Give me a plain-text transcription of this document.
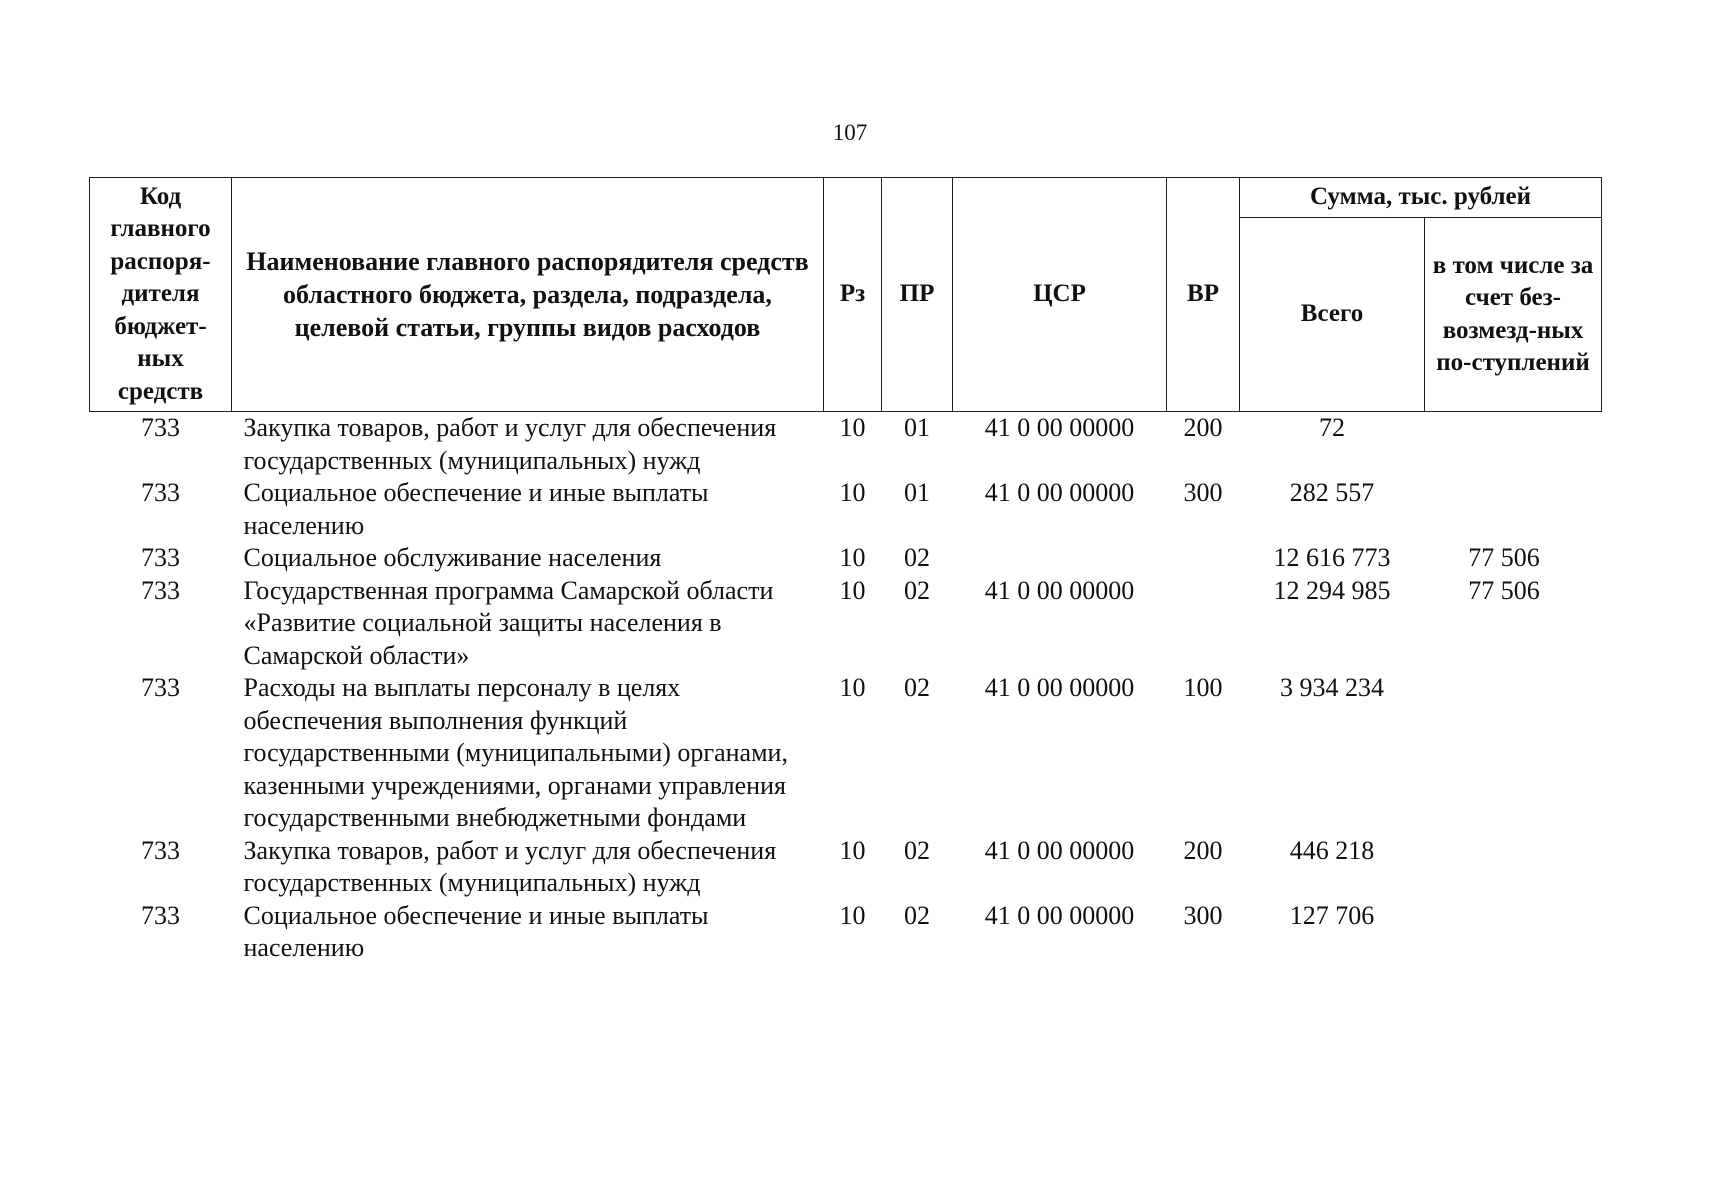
107
Код главного распоря-дителя бюджет-ных средств	Наименование главного распорядителя средств областного бюджета, раздела, подраздела, целевой статьи, группы видов расходов	Рз	ПР	ЦСР	ВР	Сумма, тыс. рублей	
						Всего	в том числе за счет без-возмезд-ных по-ступлений
733	Закупка товаров, работ и услуг для обеспечения государственных (муниципальных) нужд	10	01	41 0 00 00000	200	72	
733	Социальное обеспечение и иные выплаты населению	10	01	41 0 00 00000	300	282 557	
733	Социальное обслуживание населения	10	02			12 616 773	77 506
733	Государственная программа Самарской области «Развитие социальной защиты населения в Самарской области»	10	02	41 0 00 00000		12 294 985	77 506
733	Расходы на выплаты персоналу в целях обеспечения выполнения функций государственными (муниципальными) органами, казенными учреждениями, органами управления государственными внебюджетными фондами	10	02	41 0 00 00000	100	3 934 234	
733	Закупка товаров, работ и услуг для обеспечения государственных (муниципальных) нужд	10	02	41 0 00 00000	200	446 218	
733	Социальное обеспечение и иные выплаты населению	10	02	41 0 00 00000	300	127 706	
